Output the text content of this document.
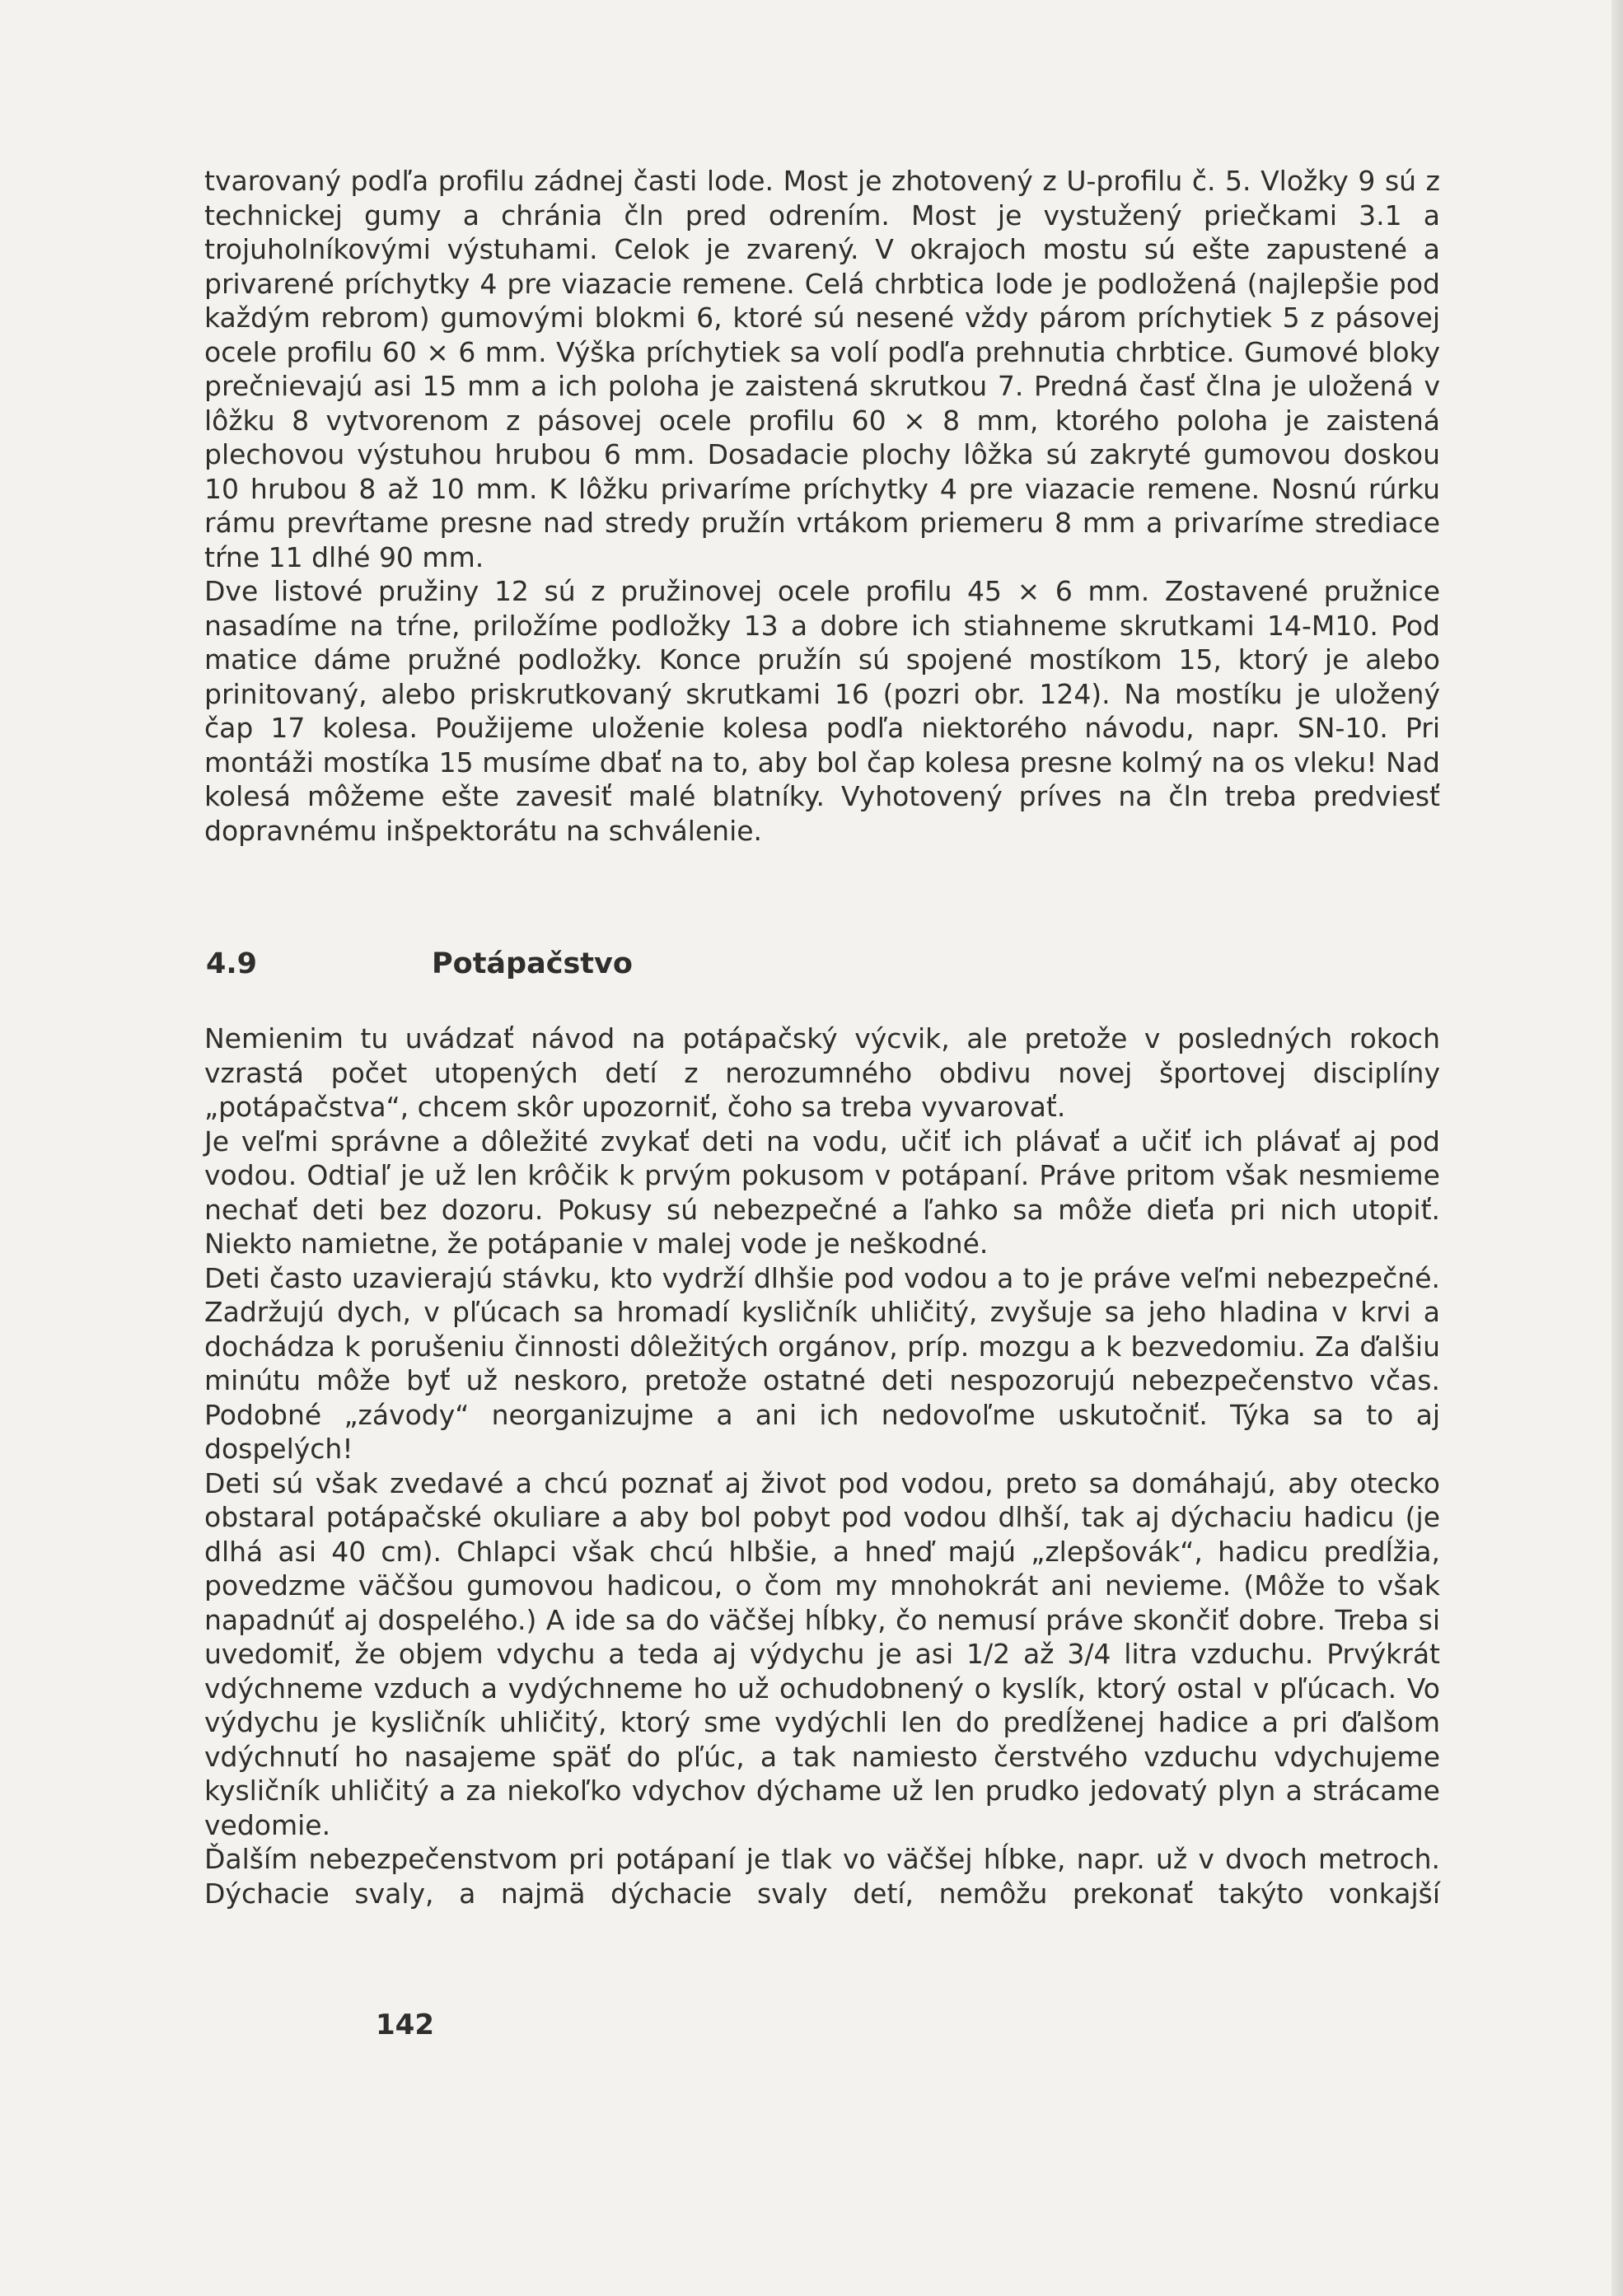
tvarovaný podľa profilu zádnej časti lode. Most je zhotovený z U-profilu č. 5. Vložky 9 sú z technickej gumy a chránia čln pred odrením. Most je vystužený priečkami 3.1 a trojuholníkovými výstuhami. Celok je zvarený. V okrajoch mostu sú ešte zapustené a privarené príchytky 4 pre viazacie remene. Celá chrbtica lode je podložená (najlepšie pod každým rebrom) gumovými blokmi 6, ktoré sú nesené vždy párom príchytiek 5 z pásovej ocele profilu 60 × 6 mm. Výška príchytiek sa volí podľa prehnutia chrbtice. Gumové bloky prečnievajú asi 15 mm a ich poloha je zaistená skrutkou 7. Predná časť člna je uložená v lôžku 8 vytvorenom z pásovej ocele profilu 60 × 8 mm, ktorého poloha je zaistená plechovou výstuhou hrubou 6 mm. Dosadacie plochy lôžka sú zakryté gumovou doskou 10 hrubou 8 až 10 mm. K lôžku privaríme príchytky 4 pre viazacie remene. Nosnú rúrku rámu prevŕtame presne nad stredy pružín vrtákom priemeru 8 mm a privaríme strediace tŕne 11 dlhé 90 mm.

Dve listové pružiny 12 sú z pružinovej ocele profilu 45 × 6 mm. Zostavené pružnice nasadíme na tŕne, priložíme podložky 13 a dobre ich stiahneme skrutkami 14-M10. Pod matice dáme pružné podložky. Konce pružín sú spojené mostíkom 15, ktorý je alebo prinitovaný, alebo priskrutkovaný skrutkami 16 (pozri obr. 124). Na mostíku je uložený čap 17 kolesa. Použijeme uloženie kolesa podľa niektorého návodu, napr. SN-10. Pri montáži mostíka 15 musíme dbať na to, aby bol čap kolesa presne kolmý na os vleku! Nad kolesá môžeme ešte zavesiť malé blatníky. Vyhotovený príves na čln treba predviesť dopravnému inšpektorátu na schválenie.

4.9	Potápačstvo

Nemienim tu uvádzať návod na potápačský výcvik, ale pretože v posledných rokoch vzrastá počet utopených detí z nerozumného obdivu novej športovej disciplíny „potápačstva“, chcem skôr upozorniť, čoho sa treba vyvarovať.

Je veľmi správne a dôležité zvykať deti na vodu, učiť ich plávať a učiť ich plávať aj pod vodou. Odtiaľ je už len krôčik k prvým pokusom v potápaní. Práve pritom však nesmieme nechať deti bez dozoru. Pokusy sú nebezpečné a ľahko sa môže dieťa pri nich utopiť. Niekto namietne, že potápanie v malej vode je neškodné.

Deti často uzavierajú stávku, kto vydrží dlhšie pod vodou a to je práve veľmi nebezpečné. Zadržujú dych, v pľúcach sa hromadí kysličník uhličitý, zvyšuje sa jeho hladina v krvi a dochádza k porušeniu činnosti dôležitých orgánov, príp. mozgu a k bezvedomiu. Za ďalšiu minútu môže byť už neskoro, pretože ostatné deti nespozorujú nebezpečenstvo včas. Podobné „závody“ neorganizujme a ani ich nedovoľme uskutočniť. Týka sa to aj dospelých!

Deti sú však zvedavé a chcú poznať aj život pod vodou, preto sa domáhajú, aby otecko obstaral potápačské okuliare a aby bol pobyt pod vodou dlhší, tak aj dýchaciu hadicu (je dlhá asi 40 cm). Chlapci však chcú hlbšie, a hneď majú „zlepšovák“, hadicu predĺžia, povedzme väčšou gumovou hadicou, o čom my mnohokrát ani nevieme. (Môže to však napadnúť aj dospelého.) A ide sa do väčšej hĺbky, čo nemusí práve skončiť dobre. Treba si uvedomiť, že objem vdychu a teda aj výdychu je asi 1/2 až 3/4 litra vzduchu. Prvýkrát vdýchneme vzduch a vydýchneme ho už ochudobnený o kyslík, ktorý ostal v pľúcach. Vo výdychu je kysličník uhličitý, ktorý sme vydýchli len do predĺženej hadice a pri ďalšom vdýchnutí ho nasajeme späť do pľúc, a tak namiesto čerstvého vzduchu vdychujeme kysličník uhličitý a za niekoľko vdychov dýchame už len prudko jedovatý plyn a strácame vedomie.

Ďalším nebezpečenstvom pri potápaní je tlak vo väčšej hĺbke, napr. už v dvoch metroch. Dýchacie svaly, a najmä dýchacie svaly detí, nemôžu prekonať takýto vonkajší

142
